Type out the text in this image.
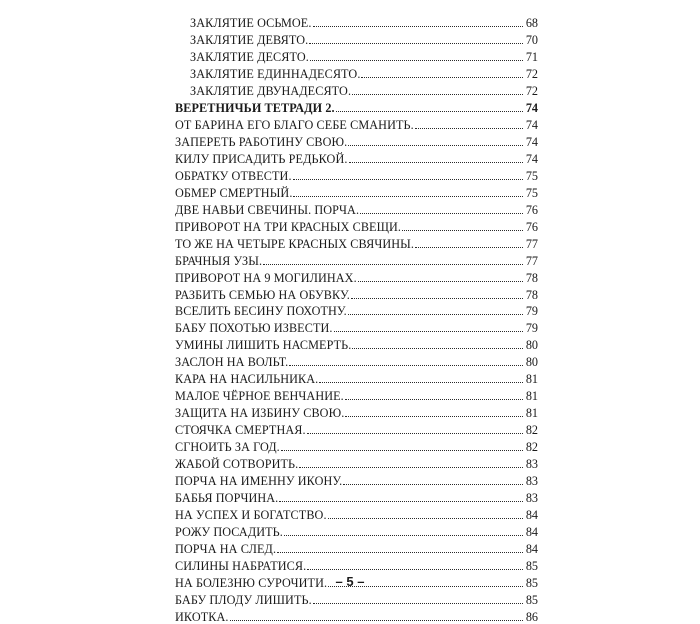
ЗАКЛЯТИЕ ОСЬМОЕ.	68
ЗАКЛЯТИЕ ДЕВЯТО.	70
ЗАКЛЯТИЕ ДЕСЯТО.	71
ЗАКЛЯТИЕ ЕДИННАДЕСЯТО.	72
ЗАКЛЯТИЕ ДВУНАДЕСЯТО.	72
ВЕРЕТНИЧЬИ ТЕТРАДИ 2.	74
ОТ БАРИНА ЕГО БЛАГО СЕБЕ СМАНИТЬ.	74
ЗАПЕРЕТЬ РАБОТИНУ СВОЮ.	74
КИЛУ ПРИСАДИТЬ РЕДЬКОЙ.	74
ОБРАТКУ ОТВЕСТИ.	75
ОБМЕР СМЕРТНЫЙ.	75
ДВЕ НАВЬИ СВЕЧИНЫ. ПОРЧА.	76
ПРИВОРОТ НА ТРИ КРАСНЫХ СВЕЩИ.	76
ТО ЖЕ НА ЧЕТЫРЕ КРАСНЫХ СВЯЧИНЫ.	77
БРАЧНЫЯ УЗЫ.	77
ПРИВОРОТ НА 9 МОГИЛИНАХ.	78
РАЗБИТЬ СЕМЬЮ НА ОБУВКУ.	78
ВСЕЛИТЬ БЕСИНУ ПОХОТНУ.	79
БАБУ ПОХОТЬЮ ИЗВЕСТИ.	79
УМИНЫ ЛИШИТЬ НАСМЕРТЬ.	80
ЗАСЛОН НА ВОЛЬТ.	80
КАРА НА НАСИЛЬНИКА.	81
МАЛОЕ ЧЁРНОЕ ВЕНЧАНИЕ.	81
ЗАЩИТА НА ИЗБИНУ СВОЮ.	81
СТОЯЧКА СМЕРТНАЯ.	82
СГНОИТЬ ЗА ГОД.	82
ЖАБОЙ СОТВОРИТЬ.	83
ПОРЧА НА ИМЕННУ ИКОНУ.	83
БАБЬЯ ПОРЧИНА.	83
НА УСПЕХ И БОГАТСТВО.	84
РОЖУ ПОСАДИТЬ.	84
ПОРЧА НА СЛЕД.	84
СИЛИНЫ НАБРАТИСЯ.	85
НА БОЛЕЗНЮ СУРОЧИТИ.	85
БАБУ ПЛОДУ ЛИШИТЬ.	85
ИКОТКА.	86
– 5 –
